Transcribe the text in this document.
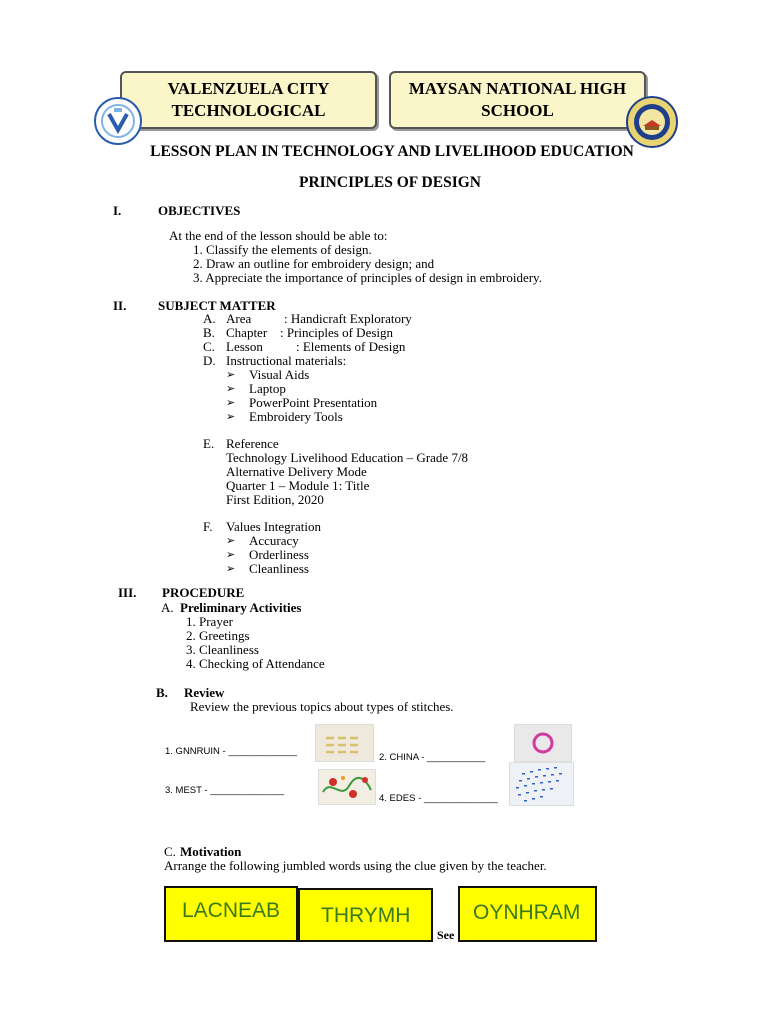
VALENZUELA CITY
TECHNOLOGICAL
MAYSAN NATIONAL HIGH
SCHOOL
LESSON PLAN IN TECHNOLOGY AND LIVELIHOOD EDUCATION
PRINCIPLES OF DESIGN
I.	OBJECTIVES
At the end of the lesson should be able to:
1. Classify the elements of design.
2. Draw an outline for embroidery design; and
3. Appreciate the importance of principles of design in embroidery.
II. SUBJECT MATTER
A. Area	: Handicraft Exploratory
B. Chapter : Principles of Design
C. Lesson	: Elements of Design
D. Instructional materials:
➢ Visual Aids
➢ Laptop
➢ PowerPoint Presentation
➢ Embroidery Tools
E. Reference
Technology Livelihood Education – Grade 7/8
Alternative Delivery Mode
Quarter 1 – Module 1: Title
First Edition, 2020
F. Values Integration
➢ Accuracy
➢ Orderliness
➢ Cleanliness
III. PROCEDURE
A. Preliminary Activities
1. Prayer
2. Greetings
3. Cleanliness
4. Checking of Attendance
B. Review
Review the previous topics about types of stitches.
1. GNNRUIN - _____________
2. CHINA - ___________
3. MEST - ______________
4. EDES - ______________
C. Motivation
Arrange the following jumbled words using the clue given by the teacher.
LACNEAB THRYMH
See
OYNHRAM
